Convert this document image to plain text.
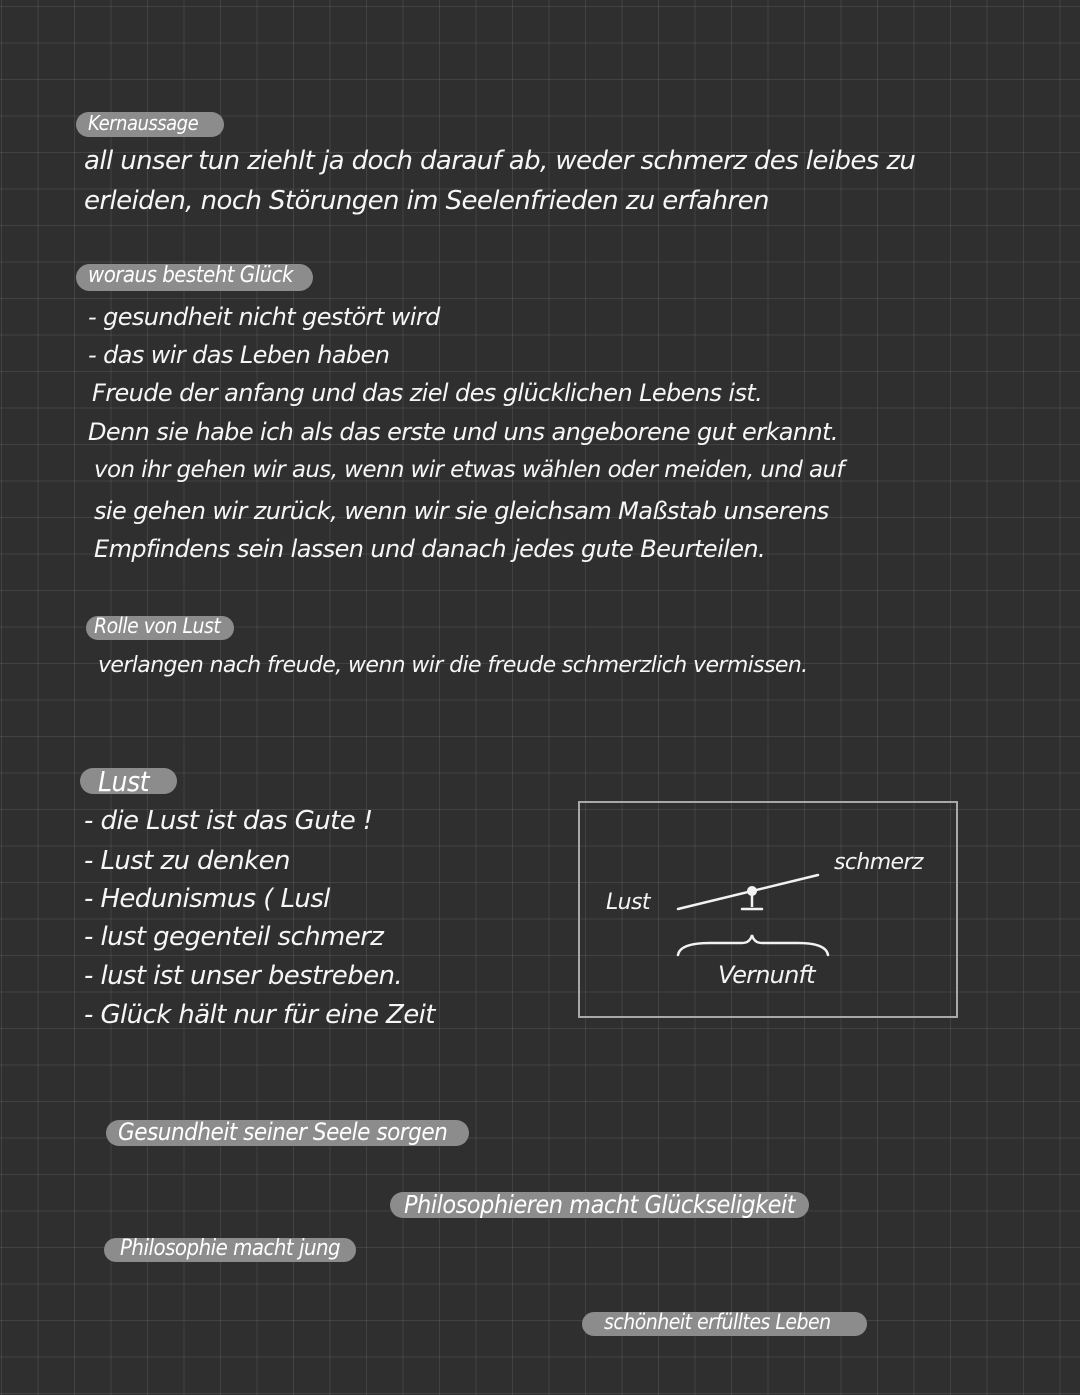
Kernaussage
all unser tun ziehlt ja doch darauf ab, weder schmerz des leibes zu
erleiden, noch Störungen im Seelenfrieden zu erfahren
woraus besteht Glück
- gesundheit nicht gestört wird
- das wir das Leben haben
Freude der anfang und das ziel des glücklichen Lebens ist.
Denn sie habe ich als das erste und uns angeborene gut erkannt.
von ihr gehen wir aus, wenn wir etwas wählen oder meiden, und auf
sie gehen wir zurück, wenn wir sie gleichsam Maßstab unserens
Empfindens sein lassen und danach jedes gute Beurteilen.
Rolle von Lust
verlangen nach freude, wenn wir die freude schmerzlich vermissen.
Lust
- die Lust ist das Gute !
- Lust zu denken
- Hedunismus ( Lusl
- lust gegenteil schmerz
- lust ist unser bestreben.
- Glück hält nur für eine Zeit
Lust
schmerz
Vernunft
Gesundheit seiner Seele sorgen
Philosophieren macht Glückseligkeit
Philosophie macht jung
schönheit erfülltes Leben
